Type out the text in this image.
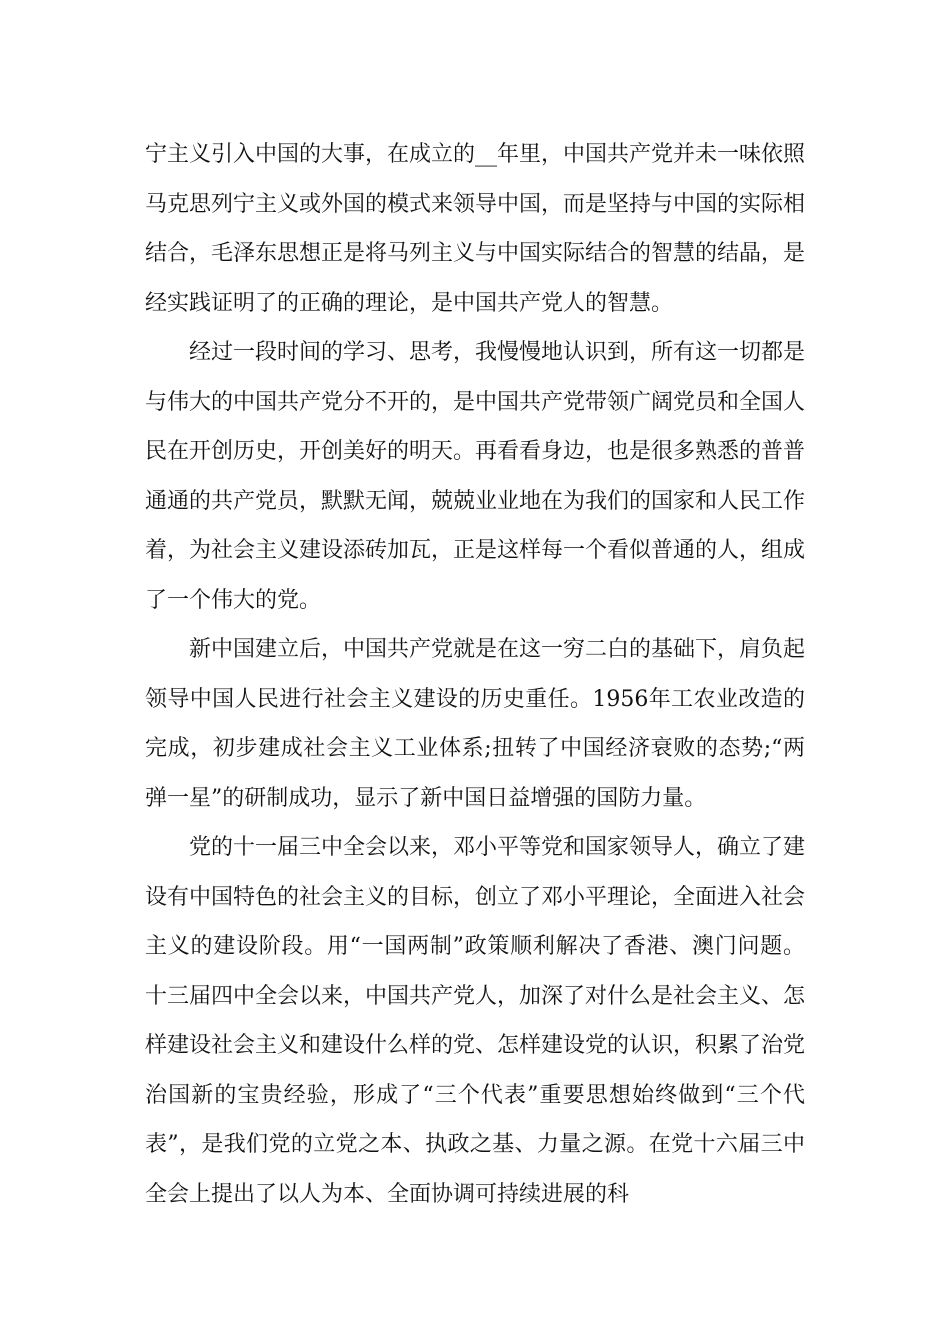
宁主义引入中国的大事，在成立的__年里，中国共产党并未一味依照马克思列宁主义或外国的模式来领导中国，而是坚持与中国的实际相结合，毛泽东思想正是将马列主义与中国实际结合的智慧的结晶，是经实践证明了的正确的理论，是中国共产党人的智慧。

经过一段时间的学习、思考，我慢慢地认识到，所有这一切都是与伟大的中国共产党分不开的，是中国共产党带领广阔党员和全国人民在开创历史，开创美好的明天。再看看身边，也是很多熟悉的普普通通的共产党员，默默无闻，兢兢业业地在为我们的国家和人民工作着，为社会主义建设添砖加瓦，正是这样每一个看似普通的人，组成了一个伟大的党。

新中国建立后，中国共产党就是在这一穷二白的基础下，肩负起领导中国人民进行社会主义建设的历史重任。1956年工农业改造的完成，初步建成社会主义工业体系;扭转了中国经济衰败的态势;“两弹一星”的研制成功，显示了新中国日益增强的国防力量。

党的十一届三中全会以来，邓小平等党和国家领导人，确立了建设有中国特色的社会主义的目标，创立了邓小平理论，全面进入社会主义的建设阶段。用“一国两制”政策顺利解决了香港、澳门问题。十三届四中全会以来，中国共产党人，加深了对什么是社会主义、怎样建设社会主义和建设什么样的党、怎样建设党的认识，积累了治党治国新的宝贵经验，形成了“三个代表”重要思想始终做到“三个代表”，是我们党的立党之本、执政之基、力量之源。在党十六届三中全会上提出了以人为本、全面协调可持续进展的科
